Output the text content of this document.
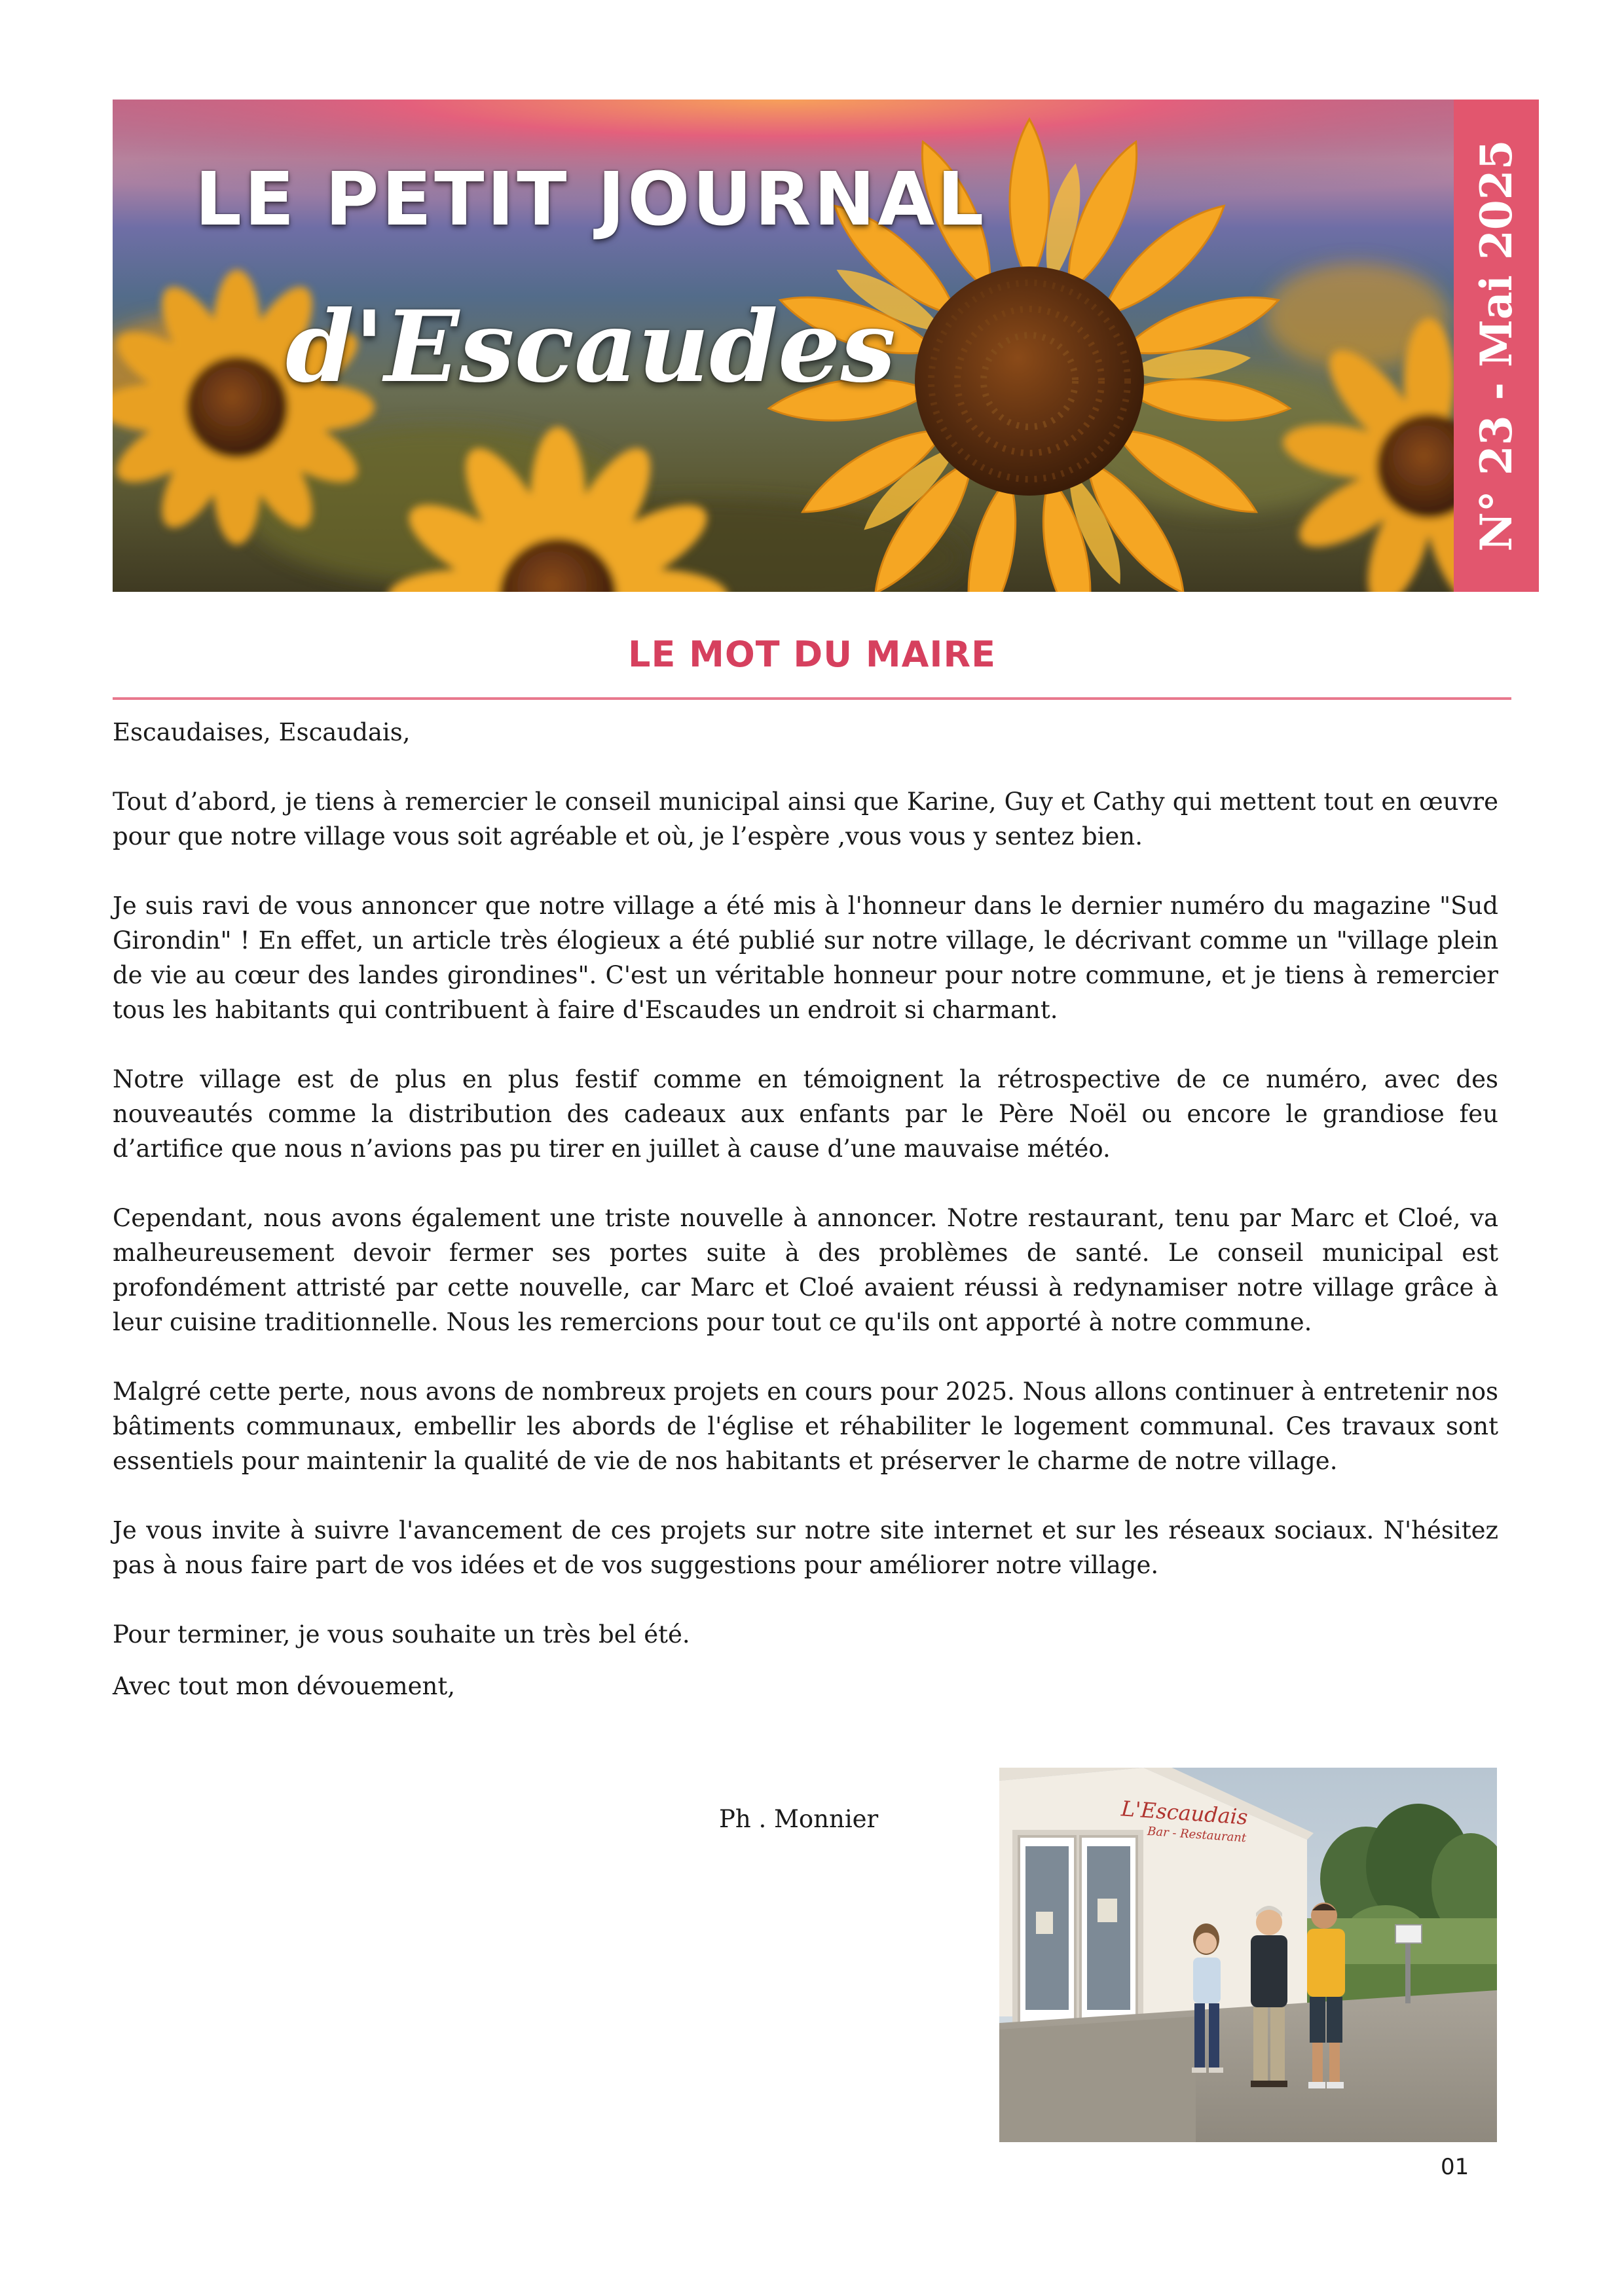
LE PETIT JOURNAL
d'Escaudes	N° 23 - Mai 2025
LE MOT DU MAIRE

Escaudaises, Escaudais,

Tout d’abord, je tiens à remercier le conseil municipal ainsi que Karine, Guy et Cathy qui mettent tout en œuvre pour que notre village vous soit agréable et où, je l’espère ,vous vous y sentez bien.

Je suis ravi de vous annoncer que notre village a été mis à l'honneur dans le dernier numéro du magazine "Sud Girondin" ! En effet, un article très élogieux a été publié sur notre village, le décrivant comme un "village plein de vie au cœur des landes girondines". C'est un véritable honneur pour notre commune, et je tiens à remercier tous les habitants qui contribuent à faire d'Escaudes un endroit si charmant.

Notre village est de plus en plus festif comme en témoignent la rétrospective de ce numéro, avec des nouveautés comme la distribution des cadeaux aux enfants par le Père Noël ou encore le grandiose feu d’artifice que nous n’avions pas pu tirer en juillet à cause d’une mauvaise météo.

Cependant, nous avons également une triste nouvelle à annoncer. Notre restaurant, tenu par Marc et Cloé, va malheureusement devoir fermer ses portes suite à des problèmes de santé. Le conseil municipal est profondément attristé par cette nouvelle, car Marc et Cloé avaient réussi à redynamiser notre village grâce à leur cuisine traditionnelle. Nous les remercions pour tout ce qu'ils ont apporté à notre commune.

Malgré cette perte, nous avons de nombreux projets en cours pour 2025. Nous allons continuer à entretenir nos bâtiments communaux, embellir les abords de l'église et réhabiliter le logement communal. Ces travaux sont essentiels pour maintenir la qualité de vie de nos habitants et préserver le charme de notre village.

Je vous invite à suivre l'avancement de ces projets sur notre site internet et sur les réseaux sociaux. N'hésitez pas à nous faire part de vos idées et de vos suggestions pour améliorer notre village.

Pour terminer, je vous souhaite un très bel été.

Avec tout mon dévouement,

Ph . Monnier	L'Escaudais
Bar - Restaurant
01
